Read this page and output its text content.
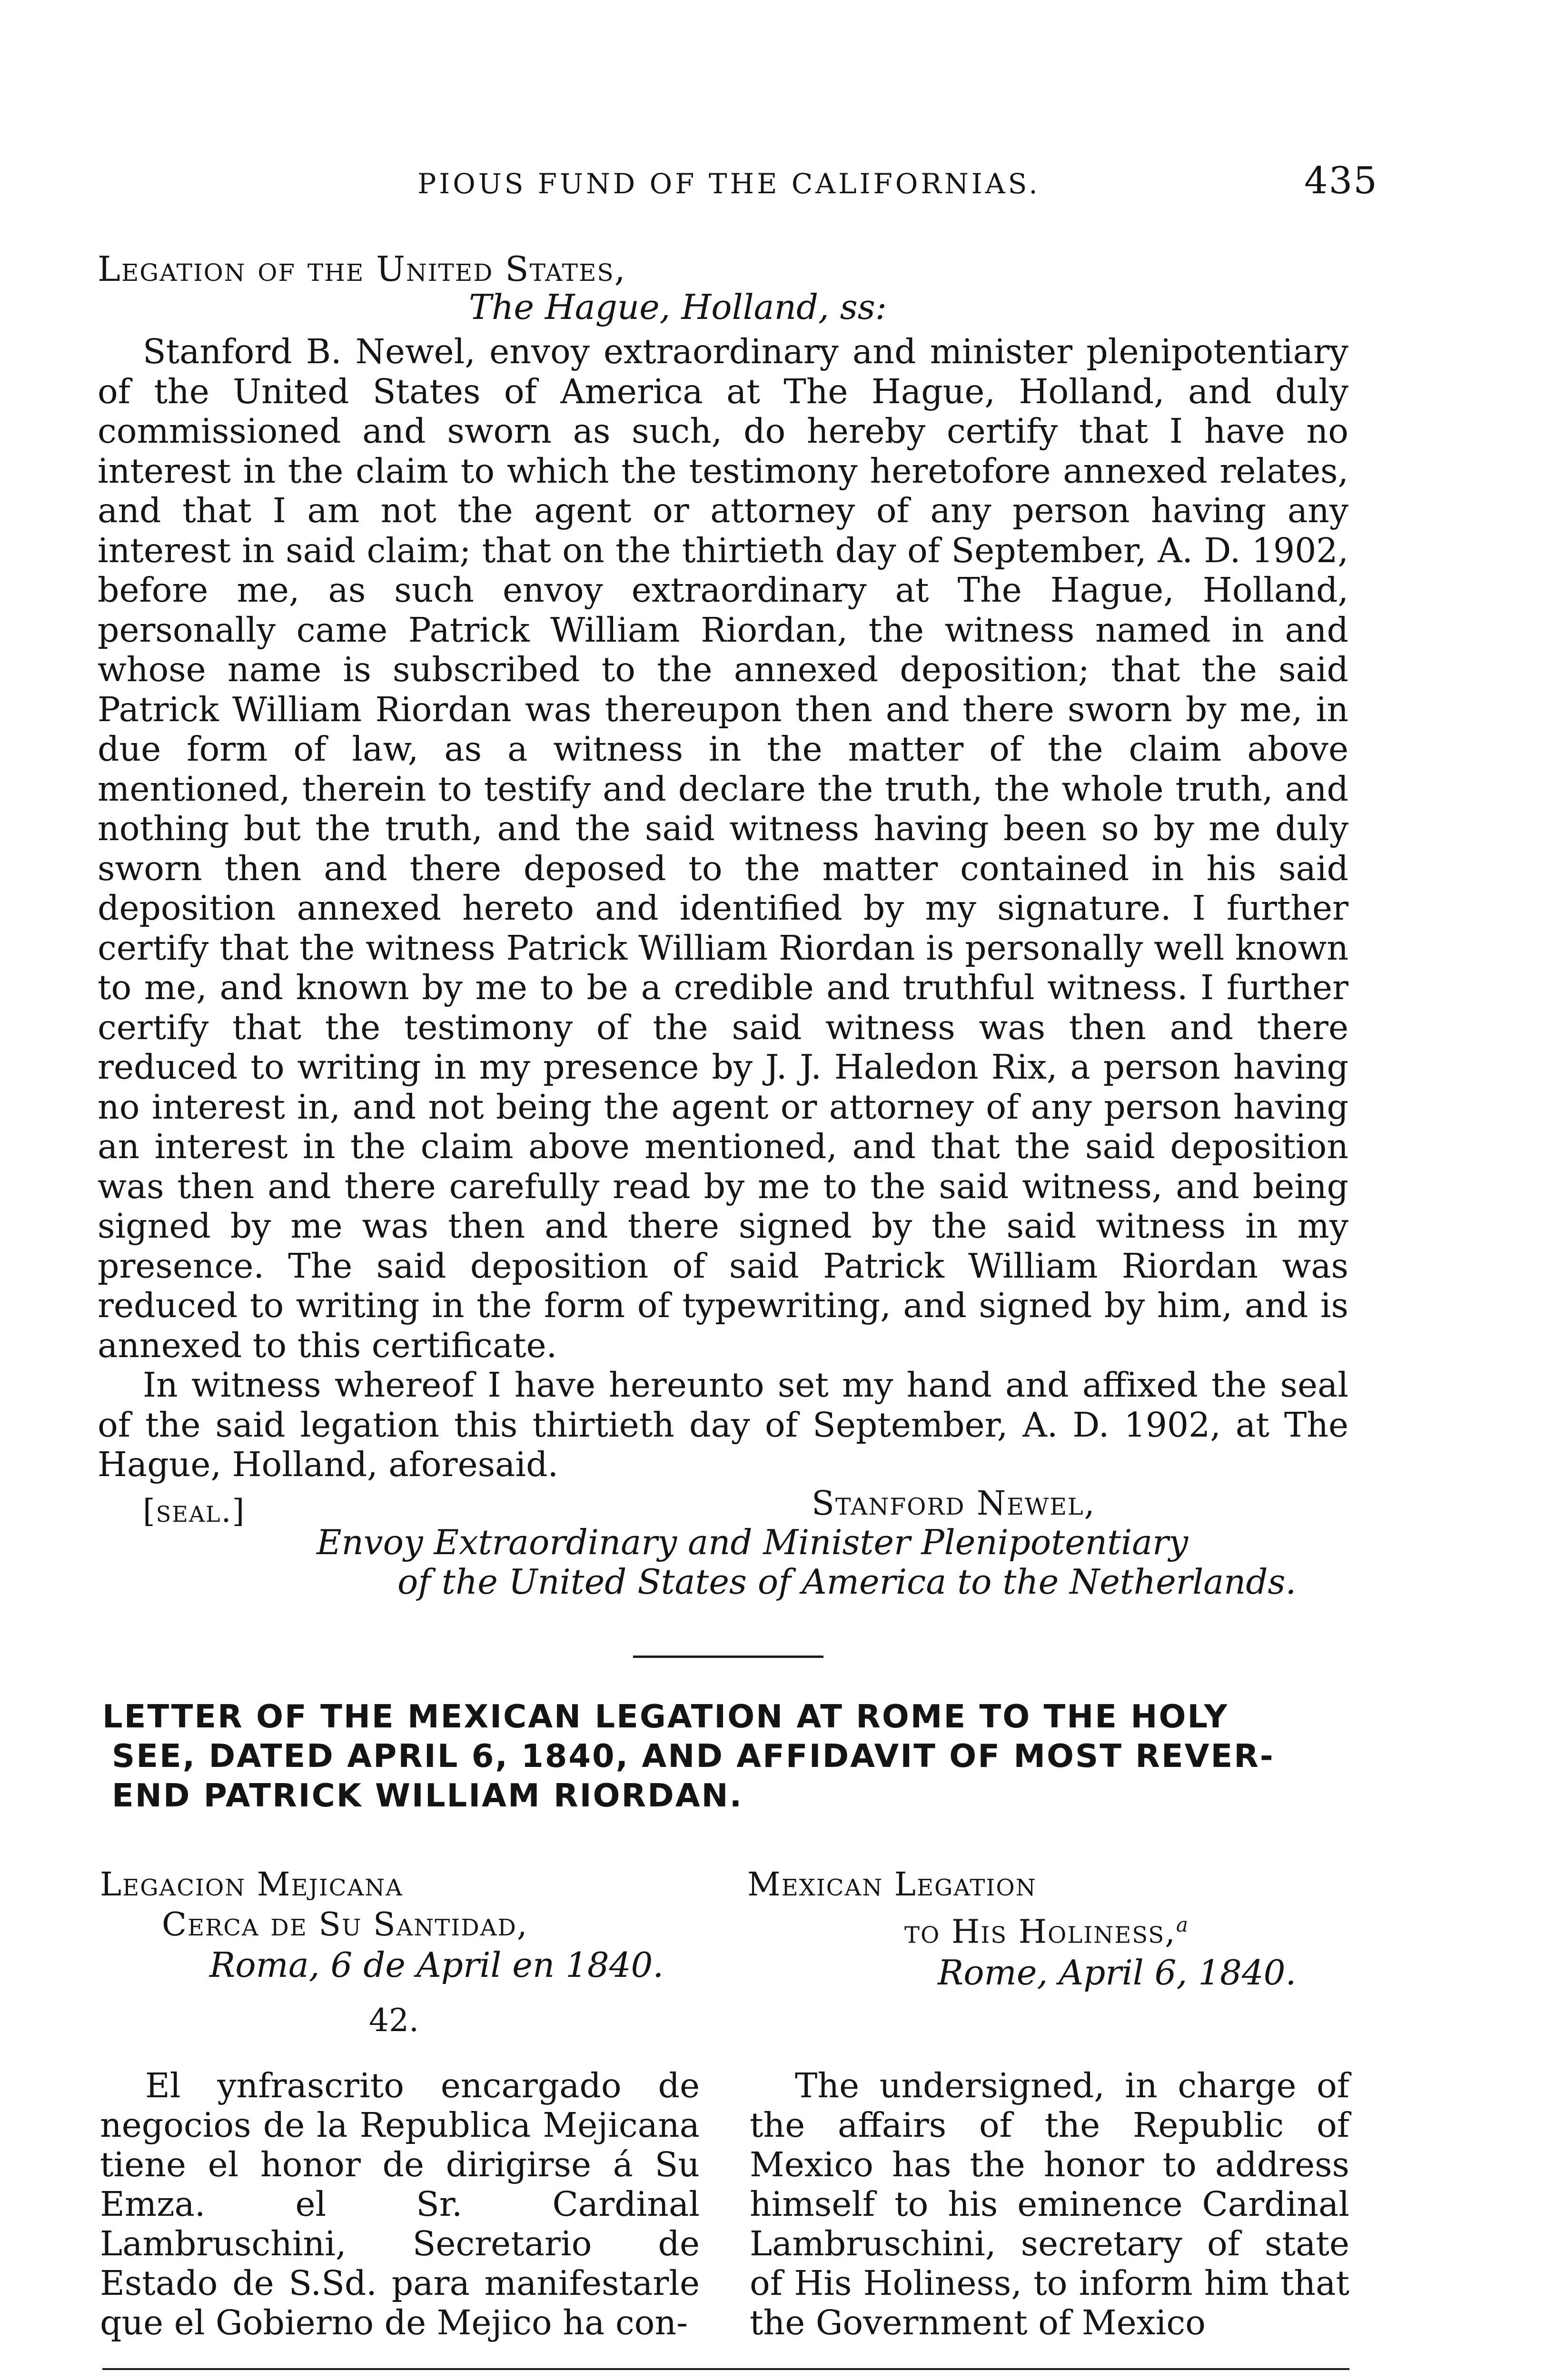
PIOUS FUND OF THE CALIFORNIAS.	435
Legation of the United States,
The Hague, Holland, ss:

Stanford B. Newel, envoy extraordinary and minister plenipotentiary of the United States of America at The Hague, Holland, and duly commissioned and sworn as such, do hereby certify that I have no interest in the claim to which the testimony heretofore annexed relates, and that I am not the agent or attorney of any person having any interest in said claim; that on the thirtieth day of September, A. D. 1902, before me, as such envoy extraordinary at The Hague, Holland, personally came Patrick William Riordan, the witness named in and whose name is subscribed to the annexed deposition; that the said Patrick William Riordan was thereupon then and there sworn by me, in due form of law, as a witness in the matter of the claim above mentioned, therein to testify and declare the truth, the whole truth, and nothing but the truth, and the said witness having been so by me duly sworn then and there deposed to the matter contained in his said deposition annexed hereto and identified by my signature. I further certify that the witness Patrick William Riordan is personally well known to me, and known by me to be a credible and truthful witness. I further certify that the testimony of the said witness was then and there reduced to writing in my presence by J. J. Haledon Rix, a person having no interest in, and not being the agent or attorney of any person having an interest in the claim above mentioned, and that the said deposition was then and there carefully read by me to the said witness, and being signed by me was then and there signed by the said witness in my presence. The said deposition of said Patrick William Riordan was reduced to writing in the form of typewriting, and signed by him, and is annexed to this certificate.

In witness whereof I have hereunto set my hand and affixed the seal of the said legation this thirtieth day of September, A. D. 1902, at The Hague, Holland, aforesaid.

[seal.]	Stanford Newel,
Envoy Extraordinary and Minister Plenipotentiary
of the United States of America to the Netherlands.
LETTER OF THE MEXICAN LEGATION AT ROME TO THE HOLY
SEE, DATED APRIL 6, 1840, AND AFFIDAVIT OF MOST REVER-
END PATRICK WILLIAM RIORDAN.
Legacion Mejicana
Cerca de Su Santidad,
Roma, 6 de April en 1840.
42.
Mexican Legation
to His Holiness,$^a$
Rome, April 6, 1840.

El ynfrascrito encargado de negocios de la Republica Mejicana tiene el honor de dirigirse á Su Emza. el Sr. Cardinal Lambruschini, Secretario de Estado de S.Sd. para manifestarle que el Gobierno de Mejico ha con-

The undersigned, in charge of the affairs of the Republic of Mexico has the honor to address himself to his eminence Cardinal Lambruschini, secretary of state of His Holiness, to inform him that the Government of Mexico
